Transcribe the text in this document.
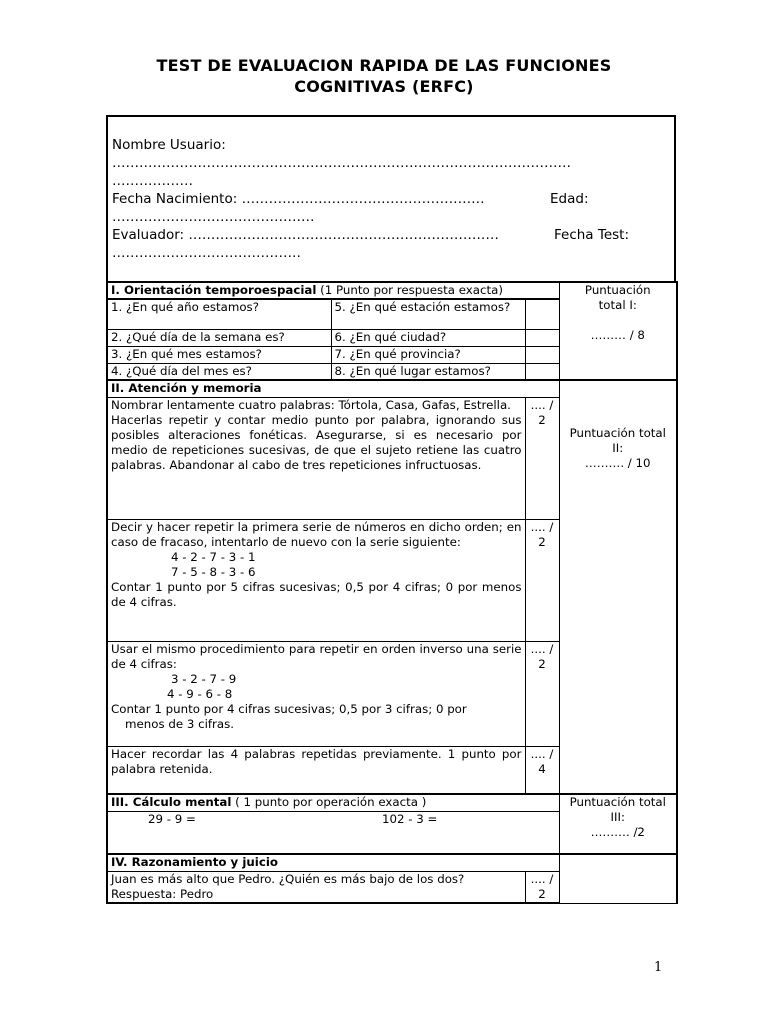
TEST DE EVALUACION RAPIDA DE LAS FUNCIONES
COGNITIVAS (ERFC)
Nombre Usuario:
…………………………………………………………………………………………
………………
Fecha Nacimiento: ………………………………………………	Edad:
………………………………………
Evaluador: ……………………………………………………………	Fecha Test:
……………………………………
I. Orientación temporoespacial (1 Punto por respuesta exacta)			Puntuación total I:
……… / 8

1. ¿En qué año estamos?	5. ¿En qué estación estamos?		
2. ¿Qué día de la semana es?	6. ¿En qué ciudad?		
3. ¿En qué mes estamos?	7. ¿En qué provincia?		
4. ¿Qué día del mes es?	8. ¿En qué lugar estamos?		
II. Atención y memoria			Puntuación total II:
………. / 10

Nombrar lentamente cuatro palabras: Tórtola, Casa, Gafas, Estrella.
Hacerlas repetir y contar medio punto por palabra, ignorando sus posibles alteraciones fonéticas. Asegurarse, si es necesario por medio de repeticiones sucesivas, de que el sujeto retiene las cuatro palabras. Abandonar al cabo de tres repeticiones infructuosas.		.... / 2	

Decir y hacer repetir la primera serie de números en dicho orden; en caso de fracaso, intentarlo de nuevo con la serie siguiente:
4 - 2 - 7 - 3 - 1
7 - 5 - 8 - 3 - 6
Contar 1 punto por 5 cifras sucesivas; 0,5 por 4 cifras; 0 por menos de 4 cifras.		.... / 2	

Usar el mismo procedimiento para repetir en orden inverso una serie de 4 cifras:
3 - 2 - 7 - 9
4 - 9 - 6 - 8
Contar 1 punto por 4 cifras sucesivas; 0,5 por 3 cifras; 0 por
menos de 3 cifras.		.... / 2	
Hacer recordar las 4 palabras repetidas previamente. 1 punto por palabra retenida.		.... / 4	
III. Cálculo mental ( 1 punto por operación exacta )			Puntuación total III:
………. /2

29 - 9 = 102 - 3 =			

IV. Razonamiento y juicio			

Juan es más alto que Pedro. ¿Quién es más bajo de los dos?
Respuesta: Pedro		.... / 2	
1
